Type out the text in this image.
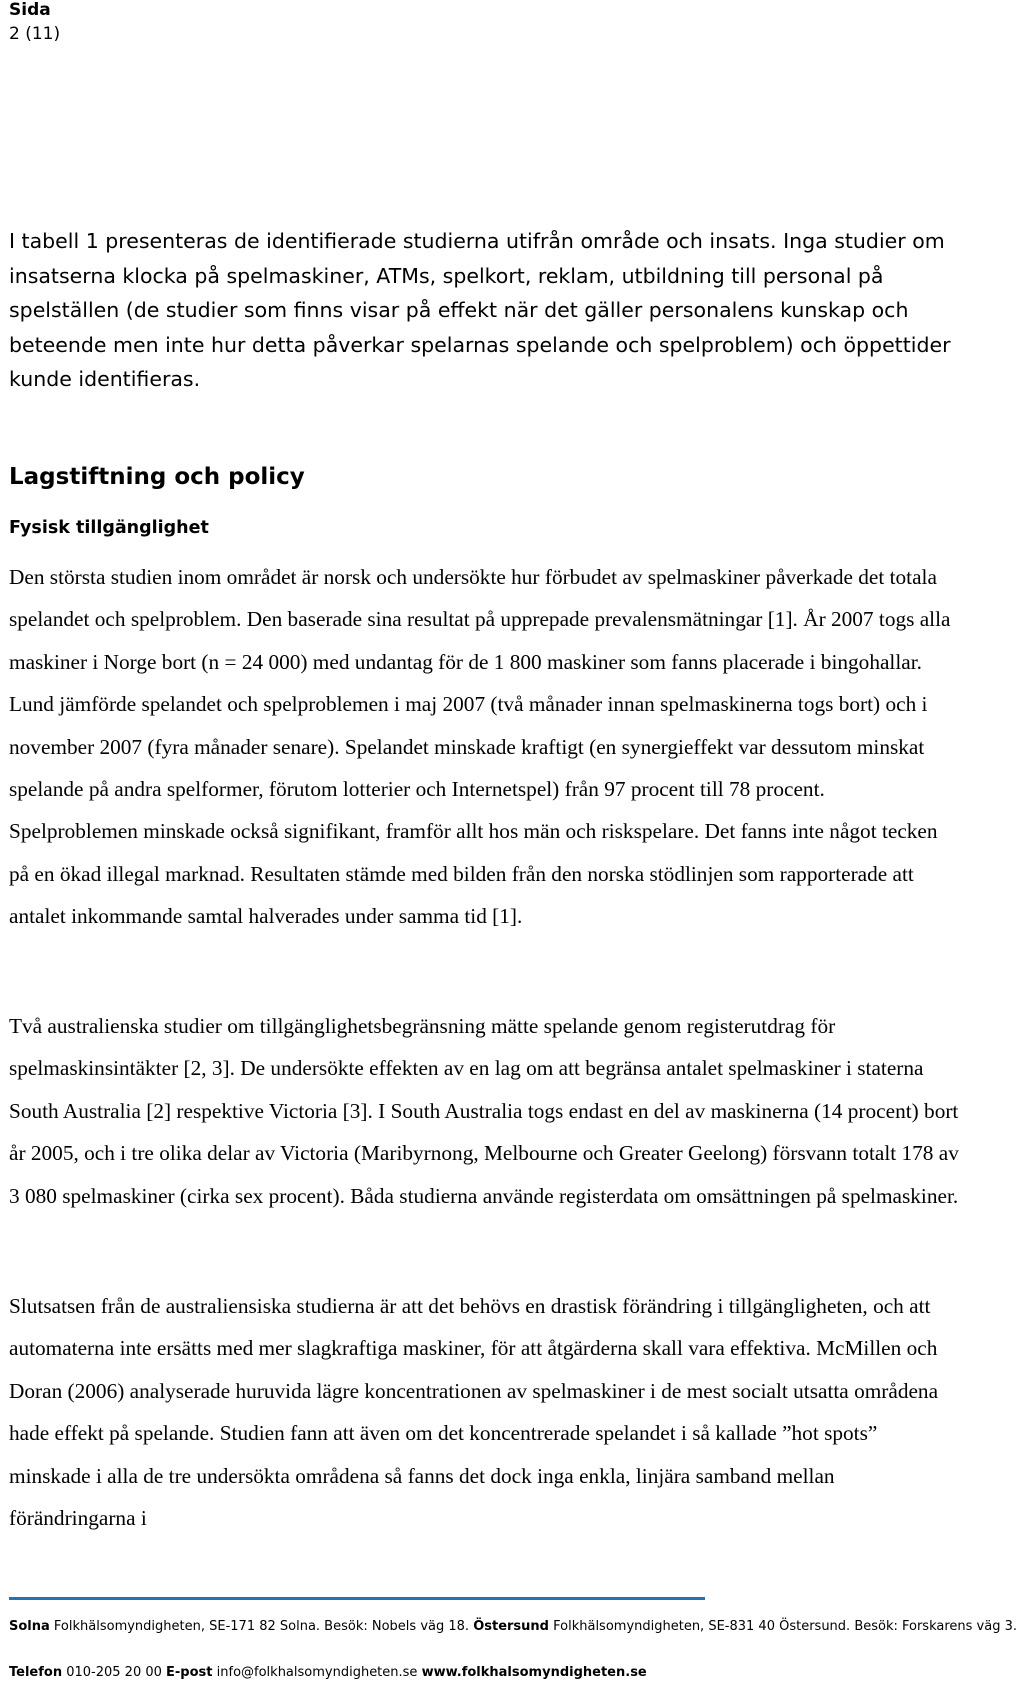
Sida
2 (11)

I tabell 1 presenteras de identifierade studierna utifrån område och insats. Inga studier om insatserna klocka på spelmaskiner, ATMs, spelkort, reklam, utbildning till personal på spelställen (de studier som finns visar på effekt när det gäller personalens kunskap och beteende men inte hur detta påverkar spelarnas spelande och spelproblem) och öppettider kunde identifieras.

Lagstiftning och policy
Fysisk tillgänglighet

Den största studien inom området är norsk och undersökte hur förbudet av spelmaskiner påverkade det totala spelandet och spelproblem. Den baserade sina resultat på upprepade prevalensmätningar [1]. År 2007 togs alla maskiner i Norge bort (n = 24 000) med undantag för de 1 800 maskiner som fanns placerade i bingohallar. Lund jämförde spelandet och spelproblemen i maj 2007 (två månader innan spelmaskinerna togs bort) och i november 2007 (fyra månader senare). Spelandet minskade kraftigt (en synergieffekt var dessutom minskat spelande på andra spelformer, förutom lotterier och Internetspel) från 97 procent till 78 procent. Spelproblemen minskade också signifikant, framför allt hos män och riskspelare. Det fanns inte något tecken på en ökad illegal marknad. Resultaten stämde med bilden från den norska stödlinjen som rapporterade att antalet inkommande samtal halverades under samma tid [1].

Två australienska studier om tillgänglighetsbegränsning mätte spelande genom registerutdrag för spelmaskinsintäkter [2, 3]. De undersökte effekten av en lag om att begränsa antalet spelmaskiner i staterna South Australia [2] respektive Victoria [3]. I South Australia togs endast en del av maskinerna (14 procent) bort år 2005, och i tre olika delar av Victoria (Maribyrnong, Melbourne och Greater Geelong) försvann totalt 178 av 3 080 spelmaskiner (cirka sex procent). Båda studierna använde registerdata om omsättningen på spelmaskiner.

Slutsatsen från de australiensiska studierna är att det behövs en drastisk förändring i tillgängligheten, och att automaterna inte ersätts med mer slagkraftiga maskiner, för att åtgärderna skall vara effektiva. McMillen och Doran (2006) analyserade huruvida lägre koncentrationen av spelmaskiner i de mest socialt utsatta områdena hade effekt på spelande. Studien fann att även om det koncentrerade spelandet i så kallade ”hot spots” minskade i alla de tre undersökta områdena så fanns det dock inga enkla, linjära samband mellan förändringarna i

Solna Folkhälsomyndigheten, SE-171 82 Solna. Besök: Nobels väg 18. Östersund Folkhälsomyndigheten, SE-831 40 Östersund. Besök: Forskarens väg 3.
Telefon 010-205 20 00 E-post info@folkhalsomyndigheten.se www.folkhalsomyndigheten.se
